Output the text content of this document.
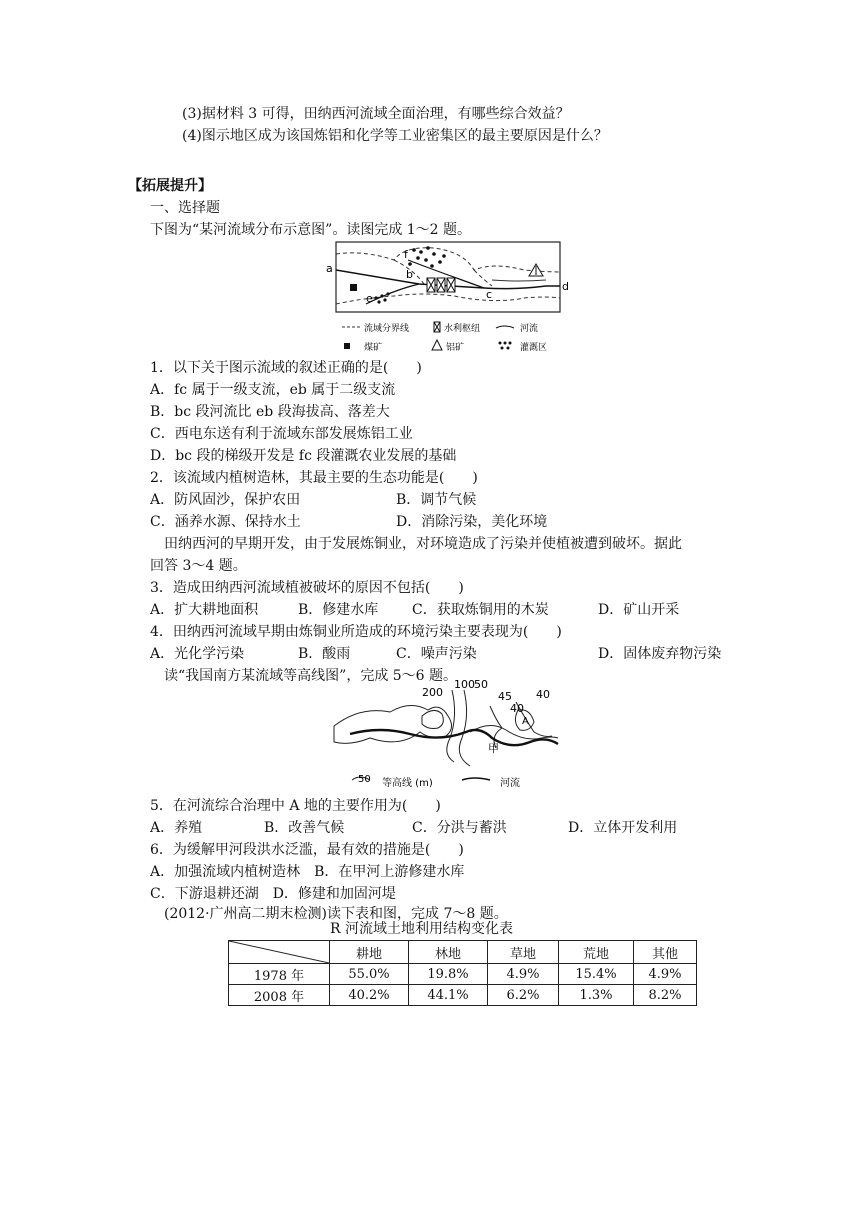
(3)据材料 3 可得，田纳西河流域全面治理，有哪些综合效益？
(4)图示地区成为该国炼铝和化学等工业密集区的最主要原因是什么？
【拓展提升】
一、选择题
下图为“某河流域分布示意图”。读图完成 1～2 题。
a	b
c
d
e
f
流域分界线	水利枢纽	河流
煤矿	铝矿	灌溉区
1．以下关于图示流域的叙述正确的是(　　)
A．fc 属于一级支流，eb 属于二级支流
B．bc 段河流比 eb 段海拔高、落差大
C．西电东送有利于流域东部发展炼铝工业
D．bc 段的梯级开发是 fc 段灌溉农业发展的基础
2．该流域内植树造林，其最主要的生态功能是(　　)
A．防风固沙，保护农田	B．调节气候
C．涵养水源、保持水土	D．消除污染，美化环境
田纳西河的早期开发，由于发展炼铜业，对环境造成了污染并使植被遭到破坏。据此
回答 3～4 题。
3．造成田纳西河流域植被破坏的原因不包括(　　)
A．扩大耕地面积	B．修建水库 C．获取炼铜用的木炭	D．矿山开采
4．田纳西河流域早期由炼铜业所造成的环境污染主要表现为(　　)
A．光化学污染	B．酸雨	C．噪声污染	D．固体废弃物污染
读“我国南方某流域等高线图”，完成 5～6 题。
200
100 50
45 40
40
A
甲
50 等高线 (m)	河流
5．在河流综合治理中 A 地的主要作用为(　　)
A．养殖	B．改善气候	C．分洪与蓄洪	D．立体开发利用
6．为缓解甲河段洪水泛滥，最有效的措施是(　　)
A．加强流域内植树造林　B．在甲河上游修建水库
C．下游退耕还湖　D．修建和加固河堤
(2012·广州高二期末检测)读下表和图，完成 7～8 题。
R 河流域土地利用结构变化表
	耕地	林地	草地	荒地	其他
1978 年	55.0%	19.8%	4.9%	15.4%	4.9%
2008 年	40.2%	44.1%	6.2%	1.3%	8.2%
